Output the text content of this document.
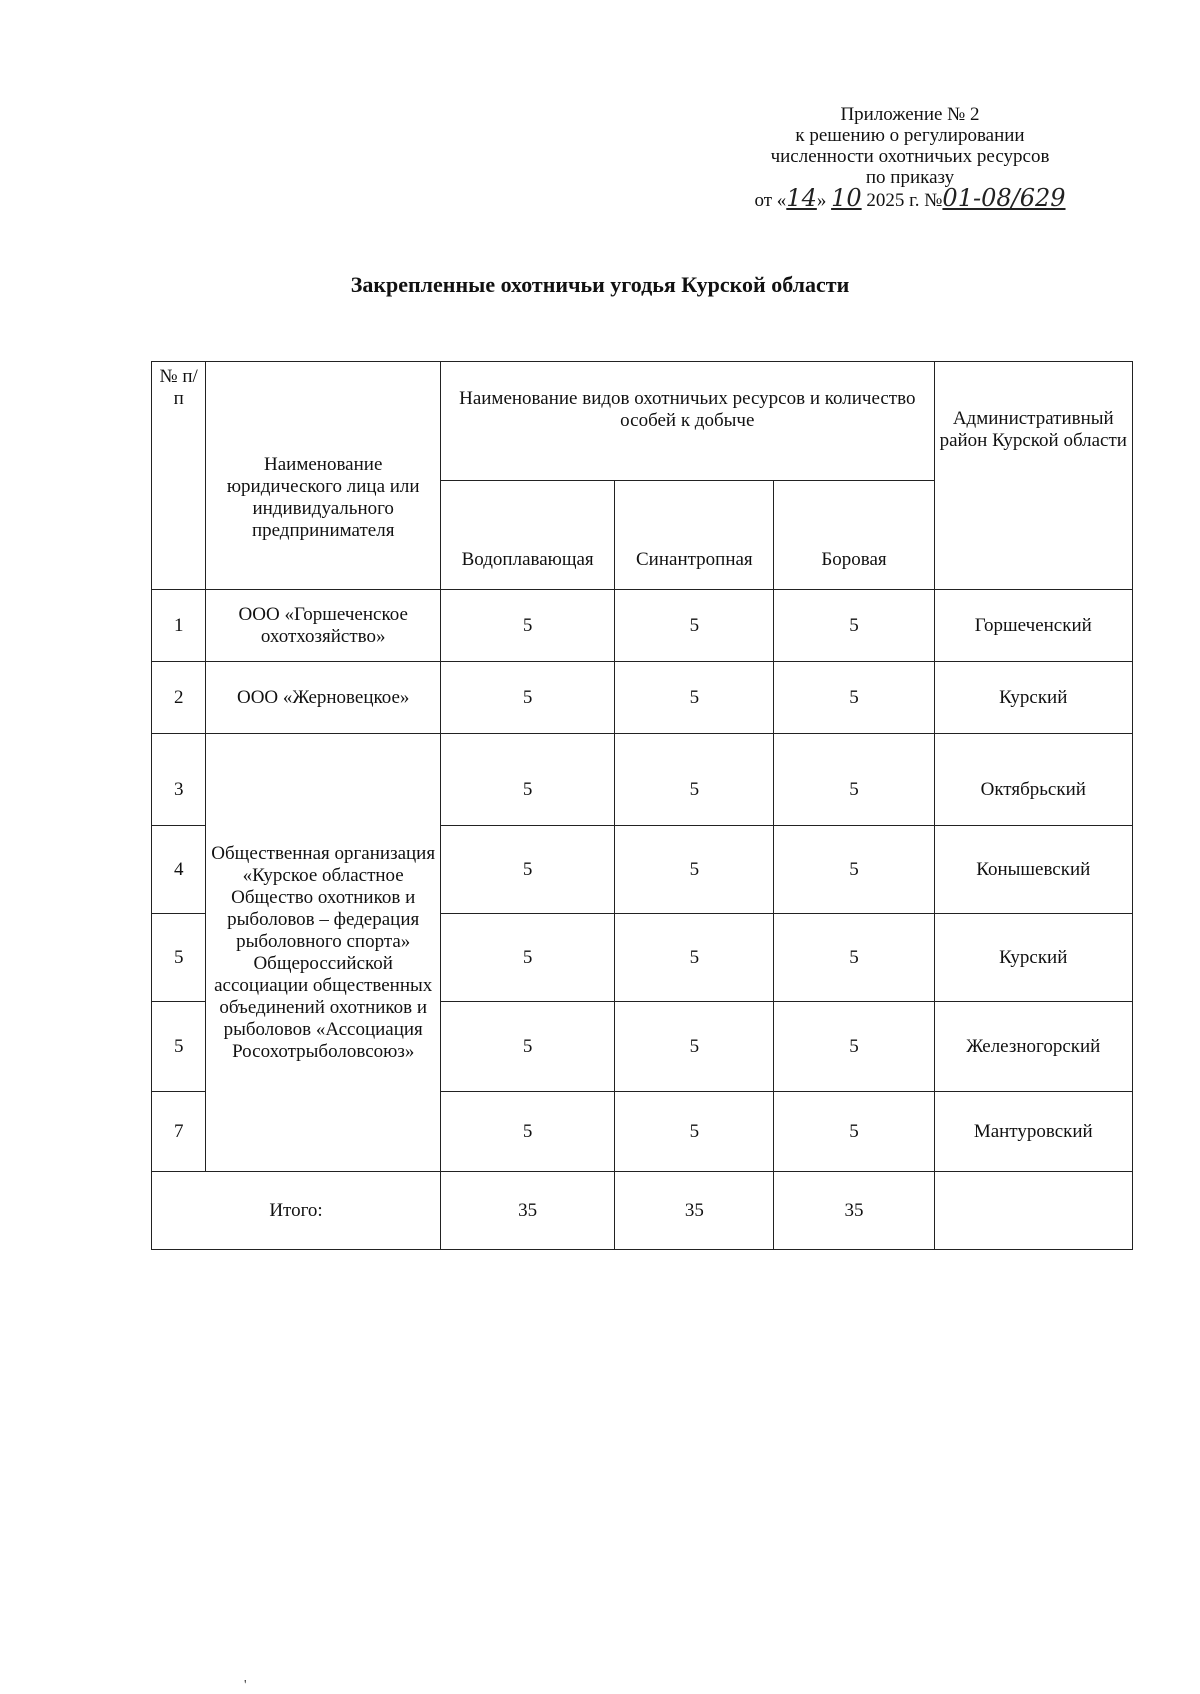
Приложение № 2
к решению о регулировании
численности охотничьих ресурсов
по приказу
от «14» 10 2025 г. №01-08/629
Закрепленные охотничьи угодья Курской области
№ п/п	Наименование юридического лица или индивидуального предпринимателя	Наименование видов охотничьих ресурсов и количество особей к добыче			Административный район Курской области
		Водоплавающая	Синантропная	Боровая	
1	ООО «Горшеченское охотхозяйство»	5	5	5	Горшеченский
2	ООО «Жерновецкое»	5	5	5	Курский
3	Общественная организация «Курское областное Общество охотников и рыболовов – федерация рыболовного спорта» Общероссийской ассоциации общественных объединений охотников и рыболовов «Ассоциация Росохотрыболовсоюз»	5	5	5	Октябрьский
4		5	5	5	Конышевский
5		5	5	5	Курский
5		5	5	5	Железногорский
7		5	5	5	Мантуровский
Итого:		35	35	35	
'
